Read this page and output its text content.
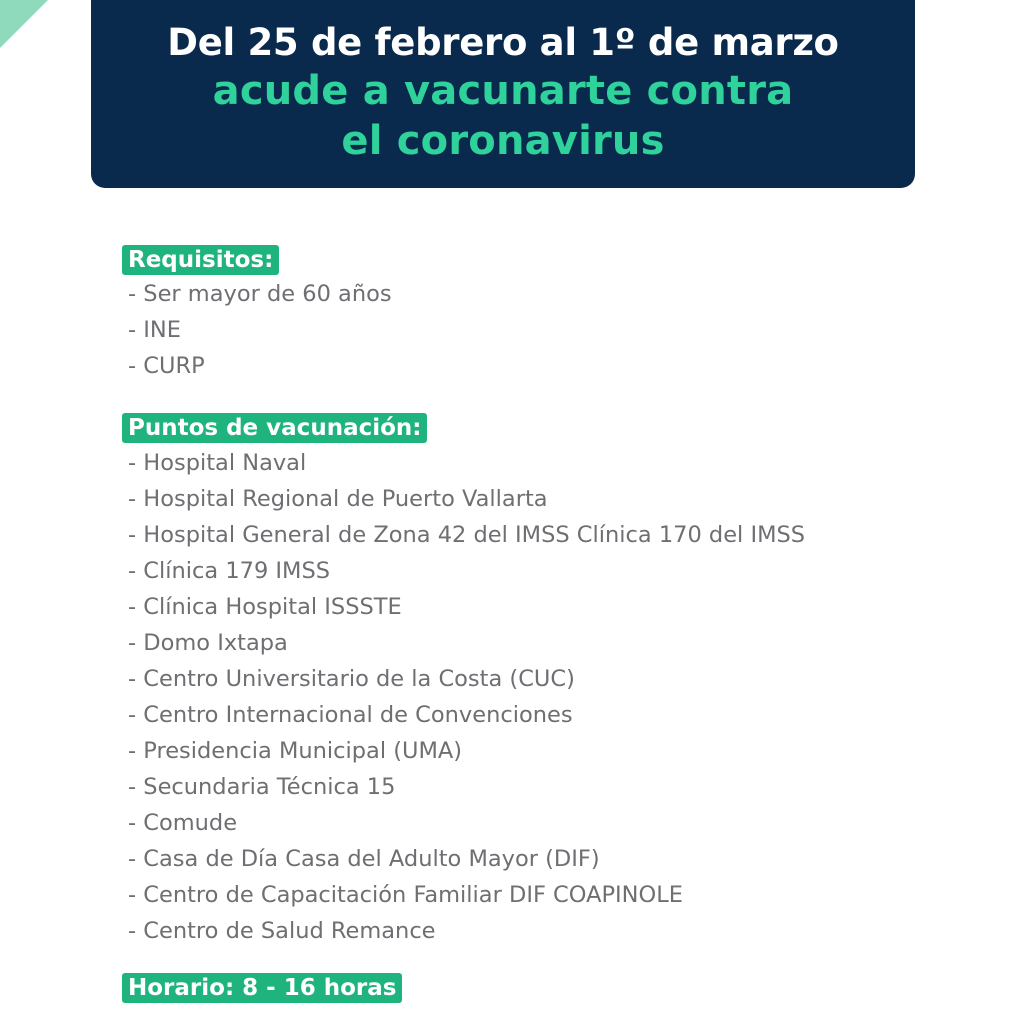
Del 25 de febrero al 1º de marzo
acude a vacunarte contra
el coronavirus
Requisitos:
- Ser mayor de 60 años
- INE
- CURP
Puntos de vacunación:
- Hospital Naval
- Hospital Regional de Puerto Vallarta
- Hospital General de Zona 42 del IMSS Clínica 170 del IMSS
- Clínica 179 IMSS
- Clínica Hospital ISSSTE
- Domo Ixtapa
- Centro Universitario de la Costa (CUC)
- Centro Internacional de Convenciones
- Presidencia Municipal (UMA)
- Secundaria Técnica 15
- Comude
- Casa de Día Casa del Adulto Mayor (DIF)
- Centro de Capacitación Familiar DIF COAPINOLE
- Centro de Salud Remance
Horario: 8 - 16 horas
